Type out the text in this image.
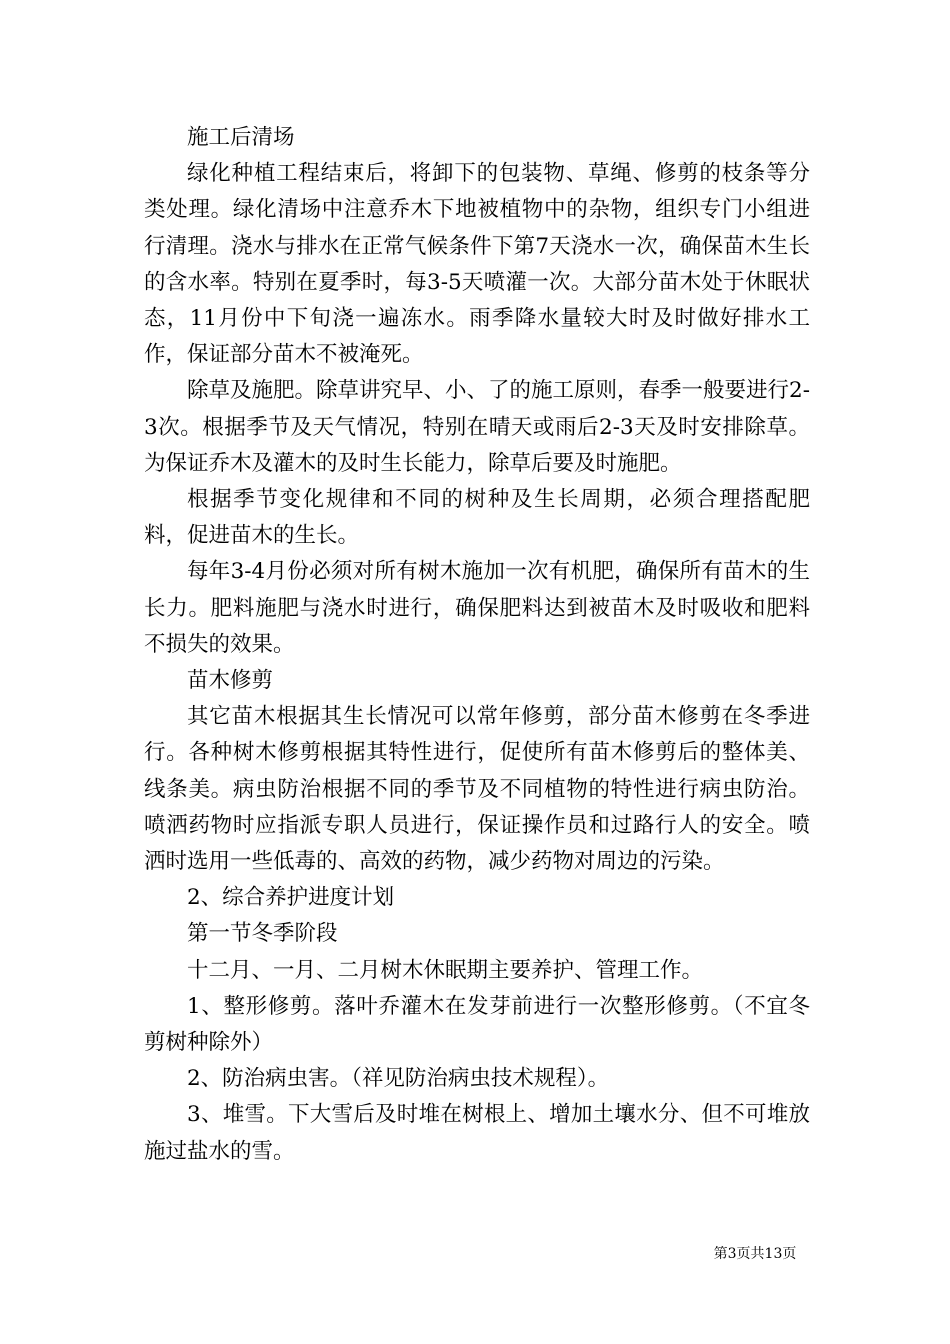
施工后清场

绿化种植工程结束后，将卸下的包装物、草绳、修剪的枝条等分类处理。绿化清场中注意乔木下地被植物中的杂物，组织专门小组进行清理。浇水与排水在正常气候条件下第7天浇水一次，确保苗木生长的含水率。特别在夏季时，每3-5天喷灌一次。大部分苗木处于休眠状态，11月份中下旬浇一遍冻水。雨季降水量较大时及时做好排水工作，保证部分苗木不被淹死。

除草及施肥。除草讲究早、小、了的施工原则，春季一般要进行2-3次。根据季节及天气情况，特别在晴天或雨后2-3天及时安排除草。为保证乔木及灌木的及时生长能力，除草后要及时施肥。

根据季节变化规律和不同的树种及生长周期，必须合理搭配肥料，促进苗木的生长。

每年3-4月份必须对所有树木施加一次有机肥，确保所有苗木的生长力。肥料施肥与浇水时进行，确保肥料达到被苗木及时吸收和肥料不损失的效果。

苗木修剪

其它苗木根据其生长情况可以常年修剪，部分苗木修剪在冬季进行。各种树木修剪根据其特性进行，促使所有苗木修剪后的整体美、线条美。病虫防治根据不同的季节及不同植物的特性进行病虫防治。喷洒药物时应指派专职人员进行，保证操作员和过路行人的安全。喷洒时选用一些低毒的、高效的药物，减少药物对周边的污染。

2、综合养护进度计划

第一节冬季阶段

十二月、一月、二月树木休眠期主要养护、管理工作。

1、整形修剪。落叶乔灌木在发芽前进行一次整形修剪。（不宜冬剪树种除外）

2、防治病虫害。（祥见防治病虫技术规程）。

3、堆雪。下大雪后及时堆在树根上、增加土壤水分、但不可堆放施过盐水的雪。

第3页共13页
